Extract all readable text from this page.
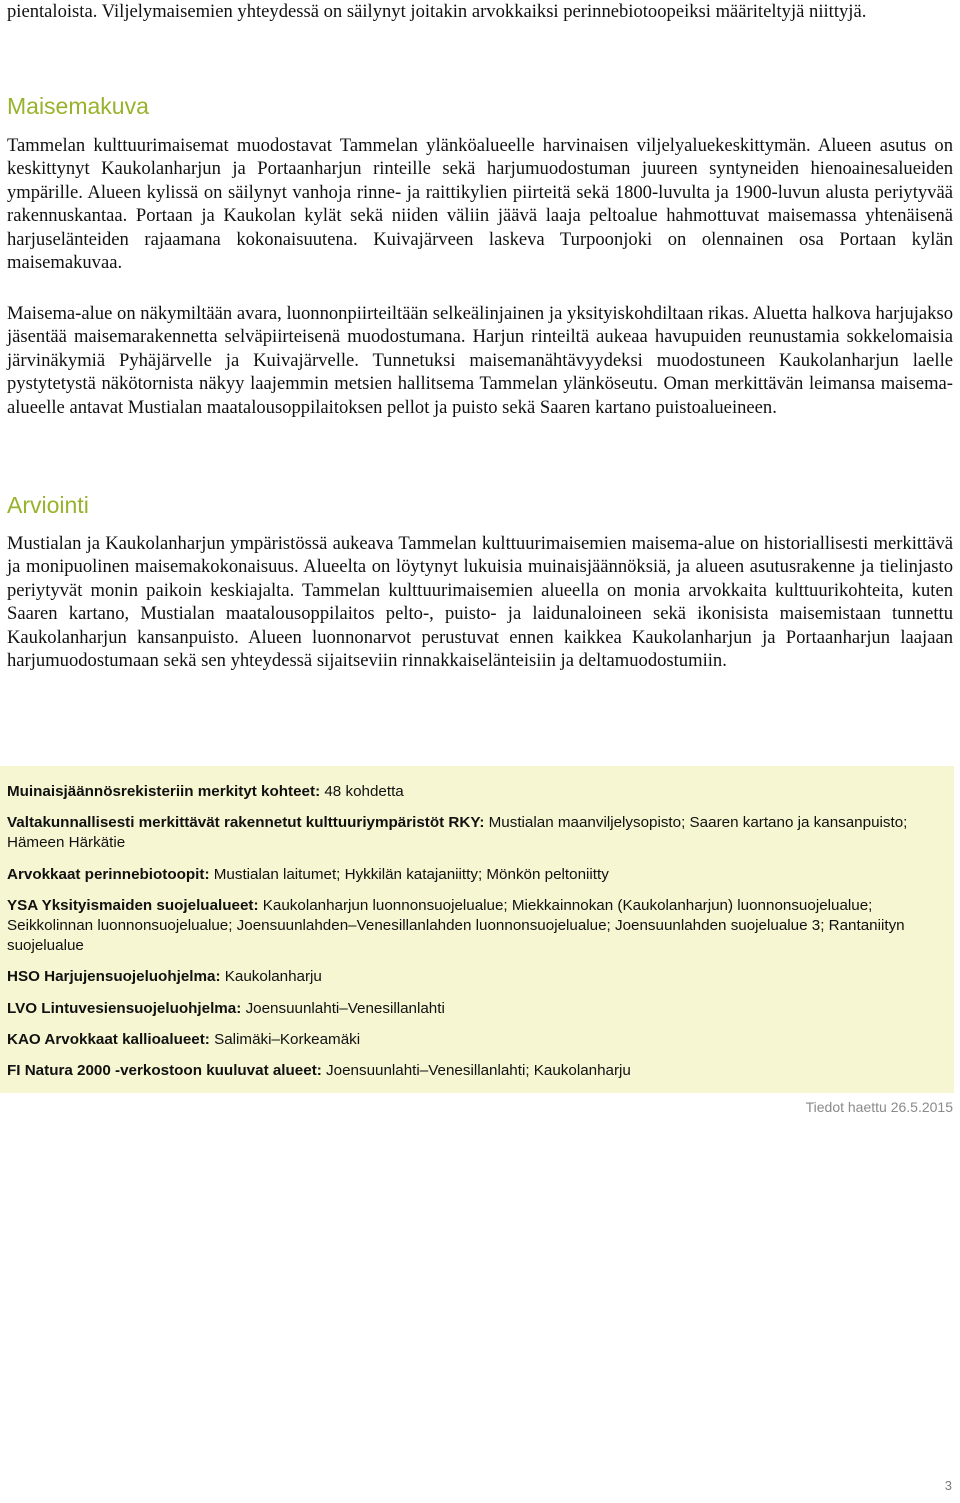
pientaloista. Viljelymaisemien yhteydessä on säilynyt joitakin arvokkaiksi perinnebiotoopeiksi määriteltyjä niittyjä.

Maisemakuva

Tammelan kulttuurimaisemat muodostavat Tammelan ylänköalueelle harvinaisen viljelyaluekeskittymän. Alueen asutus on keskittynyt Kaukolanharjun ja Portaanharjun rinteille sekä harjumuodostuman juureen syntyneiden hienoainesalueiden ympärille. Alueen kylissä on säilynyt vanhoja rinne- ja raittikylien piirteitä sekä 1800-luvulta ja 1900-luvun alusta periytyvää rakennuskantaa. Portaan ja Kaukolan kylät sekä niiden väliin jäävä laaja peltoalue hahmottuvat maisemassa yhtenäisenä harjuselänteiden rajaamana kokonaisuutena. Kuivajärveen laskeva Turpoonjoki on olennainen osa Portaan kylän maisemakuvaa.

Maisema-alue on näkymiltään avara, luonnonpiirteiltään selkeälinjainen ja yksityiskohdiltaan rikas. Aluetta halkova harjujakso jäsentää maisemarakennetta selväpiirteisenä muodostumana. Harjun rinteiltä aukeaa havupuiden reunustamia sokkelomaisia järvinäkymiä Pyhäjärvelle ja Kuivajärvelle. Tunnetuksi maisemanähtävyydeksi muodostuneen Kaukolanharjun laelle pystytetystä näkötornista näkyy laajemmin metsien hallitsema Tammelan ylänköseutu. Oman merkittävän leimansa maisema-alueelle antavat Mustialan maatalousoppilaitoksen pellot ja puisto sekä Saaren kartano puistoalueineen.

Arviointi

Mustialan ja Kaukolanharjun ympäristössä aukeava Tammelan kulttuurimaisemien maisema-alue on historiallisesti merkittävä ja monipuolinen maisemakokonaisuus. Alueelta on löytynyt lukuisia muinaisjäännöksiä, ja alueen asutusrakenne ja tielinjasto periytyvät monin paikoin keskiajalta. Tammelan kulttuurimaisemien alueella on monia arvokkaita kulttuurikohteita, kuten Saaren kartano, Mustialan maatalousoppilaitos pelto-, puisto- ja laidunaloineen sekä ikonisista maisemistaan tunnettu Kaukolanharjun kansanpuisto. Alueen luonnonarvot perustuvat ennen kaikkea Kaukolanharjun ja Portaanharjun laajaan harjumuodostumaan sekä sen yhteydessä sijaitseviin rinnakkaiselänteisiin ja deltamuodostumiin.

Muinaisjäännösrekisteriin merkityt kohteet: 48 kohdetta

Valtakunnallisesti merkittävät rakennetut kulttuuriympäristöt RKY: Mustialan maanviljelysopisto; Saaren kartano ja kansanpuisto; Hämeen Härkätie

Arvokkaat perinnebiotoopit: Mustialan laitumet; Hykkilän katajaniitty; Mönkön peltoniitty

YSA Yksityismaiden suojelualueet: Kaukolanharjun luonnonsuojelualue; Miekkainnokan (Kaukolanharjun) luonnonsuojelualue; Seikkolinnan luonnonsuojelualue; Joensuunlahden–Venesillanlahden luonnonsuojelualue; Joensuunlahden suojelualue 3; Rantaniityn suojelualue

HSO Harjujensuojeluohjelma: Kaukolanharju

LVO Lintuvesiensuojeluohjelma: Joensuunlahti–Venesillanlahti

KAO Arvokkaat kallioalueet: Salimäki–Korkeamäki

FI Natura 2000 -verkostoon kuuluvat alueet: Joensuunlahti–Venesillanlahti; Kaukolanharju

Tiedot haettu 26.5.2015
3
